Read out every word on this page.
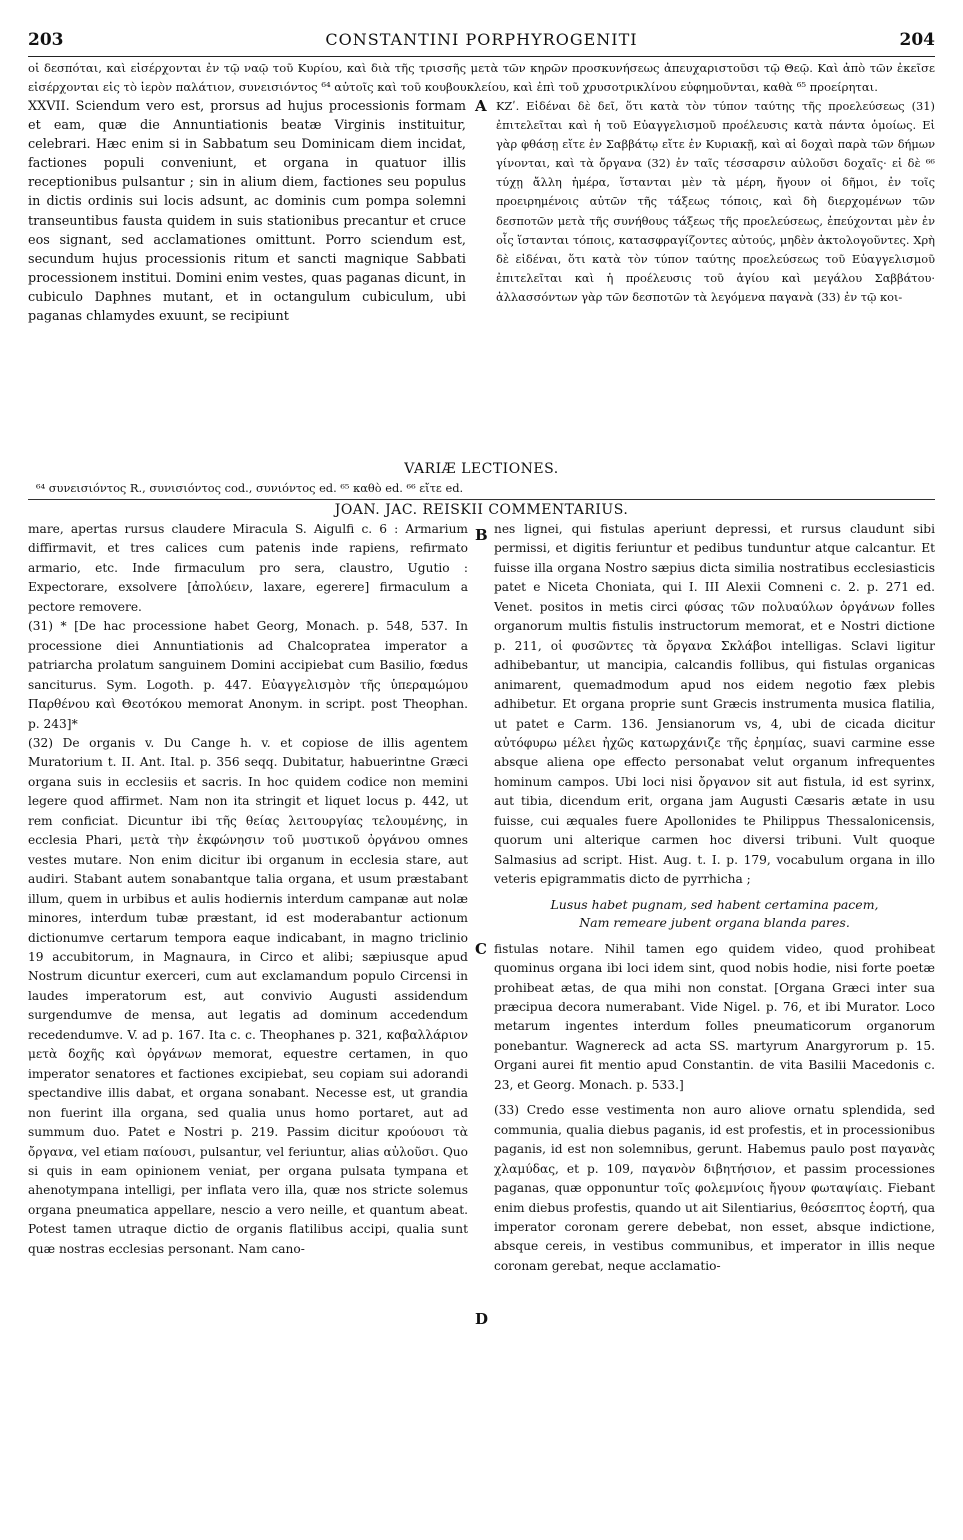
203	CONSTANTINI PORPHYROGENITI	204
οἱ δεσπόται, καὶ εἰσέρχονται ἐν τῷ ναῷ τοῦ Κυρίου, καὶ διὰ τῆς τρισσῆς μετὰ τῶν κηρῶν προσκυνήσεως ἀπευχαριστοῦσι τῷ Θεῷ. Καὶ ἀπὸ τῶν ἐκεῖσε εἰσέρχονται εἰς τὸ ἱερὸν παλάτιον, συνεισιόντος ⁶⁴ αὐτοῖς καὶ τοῦ κουβουκλείου, καὶ ἐπὶ τοῦ χρυσοτρικλίνου εὐφημοῦνται, καθὰ ⁶⁵ προείρηται.
XXVII. Sciendum vero est, prorsus ad hujus processionis formam et eam, quæ die Annuntiationis beatæ Virginis instituitur, celebrari. Hæc enim si in Sabbatum seu Dominicam diem incidat, factiones populi conveniunt, et organa in quatuor illis receptionibus pulsantur ; sin in alium diem, factiones seu populus in dictis ordinis sui locis adsunt, ac dominis cum pompa solemni transeuntibus fausta quidem in suis stationibus precantur et cruce eos signant, sed acclamationes omittunt. Porro sciendum est, secundum hujus processionis ritum et sancti magnique Sabbati processionem institui. Domini enim vestes, quas paganas dicunt, in cubiculo Daphnes mutant, et in octangulum cubiculum, ubi paganas chlamydes exuunt, se recipiunt
A ΚΖʹ. Εἰδέναι δὲ δεῖ, ὅτι κατὰ τὸν τύπον ταύτης τῆς προελεύσεως (31) ἐπιτελεῖται καὶ ἡ τοῦ Εὐαγγελισμοῦ προέλευσις κατὰ πάντα ὁμοίως. Εἰ γὰρ φθάσῃ εἴτε ἐν Σαββάτῳ εἴτε ἐν Κυριακῇ, καὶ αἱ δοχαὶ παρὰ τῶν δήμων γίνονται, καὶ τὰ ὄργανα (32) ἐν ταῖς τέσσαρσιν αὐλοῦσι δοχαῖς· εἰ δὲ ⁶⁶ τύχῃ ἄλλη ἡμέρα, ἵστανται μὲν τὰ μέρη, ἤγουν οἱ δῆμοι, ἐν τοῖς προειρημένοις αὐτῶν τῆς τάξεως τόποις, καὶ δὴ διερχομένων τῶν δεσποτῶν μετὰ τῆς συνήθους τάξεως τῆς προελεύσεως, ἐπεύχονται μὲν ἐν οἷς ἵστανται τόποις, κατασφραγίζοντες αὐτούς, μηδὲν ἀκτολογοῦντες. Χρὴ δὲ εἰδέναι, ὅτι κατὰ τὸν τύπον ταύτης προελεύσεως τοῦ Εὐαγγελισμοῦ ἐπιτελεῖται καὶ ἡ προέλευσις τοῦ ἁγίου καὶ μεγάλου Σαββάτου· ἀλλασσόντων γὰρ τῶν δεσποτῶν τὰ λεγόμενα παγανὰ (33) ἐν τῷ κοι-
VARIÆ LECTIONES.
⁶⁴ συνεισιόντος R., συνισιόντος cod., συνιόντος ed. ⁶⁵ καθὸ ed. ⁶⁶ εἴτε ed.
JOAN. JAC. REISKII COMMENTARIUS.

mare, apertas rursus claudere Miracula S. Aigulfi c. 6 : Armarium diffirmavit, et tres calices cum patenis inde rapiens, refirmato armario, etc. Inde firmaculum pro sera, claustro, Ugutio : Expectorare, exsolvere [ἀπολύειν, laxare, egerere] firmaculum a pectore removere.

(31) * [De hac processione habet Georg, Monach. p. 548, 537. In processione diei Annuntiationis ad Chalcopratea imperator a patriarcha prolatum sanguinem Domini accipiebat cum Basilio, fœdus sanciturus. Sym. Logoth. p. 447. Εὐαγγελισμὸν τῆς ὑπεραμώμου Παρθένου καὶ Θεοτόκου memorat Anonym. in script. post Theophan. p. 243]*

(32) De organis v. Du Cange h. v. et copiose de illis agentem Muratorium t. II. Ant. Ital. p. 356 seqq. Dubitatur, habuerintne Græci organa suis in ecclesiis et sacris. In hoc quidem codice non memini legere quod affirmet. Nam non ita stringit et liquet locus p. 442, ut rem conficiat. Dicuntur ibi τῆς θείας λειτουργίας τελουμένης, in ecclesia Phari, μετὰ τὴν ἐκφώνησιν τοῦ μυστικοῦ ὀργάνου omnes vestes mutare. Non enim dicitur ibi organum in ecclesia stare, aut audiri. Stabant autem sonabantque talia organa, et usum præstabant illum, quem in urbibus et aulis hodiernis interdum campanæ aut nolæ minores, interdum tubæ præstant, id est moderabantur actionum dictionumve certarum tempora eaque indicabant, in magno triclinio 19 accubitorum, in Magnaura, in Circo et alibi; sæpiusque apud Nostrum dicuntur exerceri, cum aut exclamandum populo Circensi in laudes imperatorum est, aut convivio Augusti assidendum surgendumve de mensa, aut legatis ad dominum accedendum recedendumve. V. ad p. 167. Ita c. c. Theophanes p. 321, καβαλλάριον μετὰ δοχῆς καὶ ὀργάνων memorat, equestre certamen, in quo imperator senatores et factiones excipiebat, seu copiam sui adorandi spectandive illis dabat, et organa sonabant. Necesse est, ut grandia non fuerint illa organa, sed qualia unus homo portaret, aut ad summum duo. Patet e Nostri p. 219. Passim dicitur κρούουσι τὰ ὄργανα, vel etiam παίουσι, pulsantur, vel feriuntur, alias αὐλοῦσι. Quo si quis in eam opinionem veniat, per organa pulsata tympana et ahenotympana intelligi, per inflata vero illa, quæ nos stricte solemus organa pneumatica appellare, nescio a vero neille, et quantum abeat. Potest tamen utraque dictio de organis flatilibus accipi, qualia sunt quæ nostras ecclesias personant. Nam cano-

B
C
D

nes lignei, qui fistulas aperiunt depressi, et rursus claudunt sibi permissi, et digitis feriuntur et pedibus tunduntur atque calcantur. Et fuisse illa organa Nostro sæpius dicta similia nostratibus ecclesiasticis patet e Niceta Choniata, qui I. III Alexii Comneni c. 2. p. 271 ed. Venet. positos in metis circi φύσας τῶν πολυαύλων ὀργάνων folles organorum multis fistulis instructorum memorat, et e Nostri dictione p. 211, οἱ φυσῶντες τὰ ὄργανα Σκλάβοι intelligas. Sclavi ligitur adhibebantur, ut mancipia, calcandis follibus, qui fistulas organicas animarent, quemadmodum apud nos eidem negotio fæx plebis adhibetur. Et organa proprie sunt Græcis instrumenta musica flatilia, ut patet e Carm. 136. Jensianorum vs, 4, ubi de cicada dicitur αὐτόφυρω μέλει ἠχῶς κατωρχάνιζε τῆς ἐρημίας, suavi carmine esse absque aliena ope effecto personabat velut organum infrequentes hominum campos. Ubi loci nisi ὄργανον sit aut fistula, id est syrinx, aut tibia, dicendum erit, organa jam Augusti Cæsaris ætate in usu fuisse, cui æquales fuere Apollonides te Philippus Thessalonicensis, quorum uni alterique carmen hoc diversi tribuni. Vult quoque Salmasius ad script. Hist. Aug. t. I. p. 179, vocabulum organa in illo veteris epigrammatis dicto de pyrrhicha ;

Lusus habet pugnam, sed habent certamina pacem,
Nam remeare jubent organa blanda pares.

fistulas notare. Nihil tamen ego quidem video, quod prohibeat quominus organa ibi loci idem sint, quod nobis hodie, nisi forte poetæ prohibeat ætas, de qua mihi non constat. [Organa Græci inter sua præcipua decora numerabant. Vide Nigel. p. 76, et ibi Murator. Loco metarum ingentes interdum folles pneumaticorum organorum ponebantur. Wagnereck ad acta SS. martyrum Anargyrorum p. 15. Organi aurei fit mentio apud Constantin. de vita Basilii Macedonis c. 23, et Georg. Monach. p. 533.]

(33) Credo esse vestimenta non auro aliove ornatu splendida, sed communia, qualia diebus paganis, id est profestis, et in processionibus paganis, id est non solemnibus, gerunt. Habemus paulo post παγανὰς χλαμύδας, et p. 109, παγανὸν διβητήσιον, et passim processiones paganas, quæ opponuntur τοῖς φολεμνίοις ἤγουν φωταψίαις. Fiebant enim diebus profestis, quando ut ait Silentiarius, θεόσεπτος ἑορτή, qua imperator coronam gerere debebat, non esset, absque indictione, absque cereis, in vestibus communibus, et imperator in illis neque coronam gerebat, neque acclamatio-
